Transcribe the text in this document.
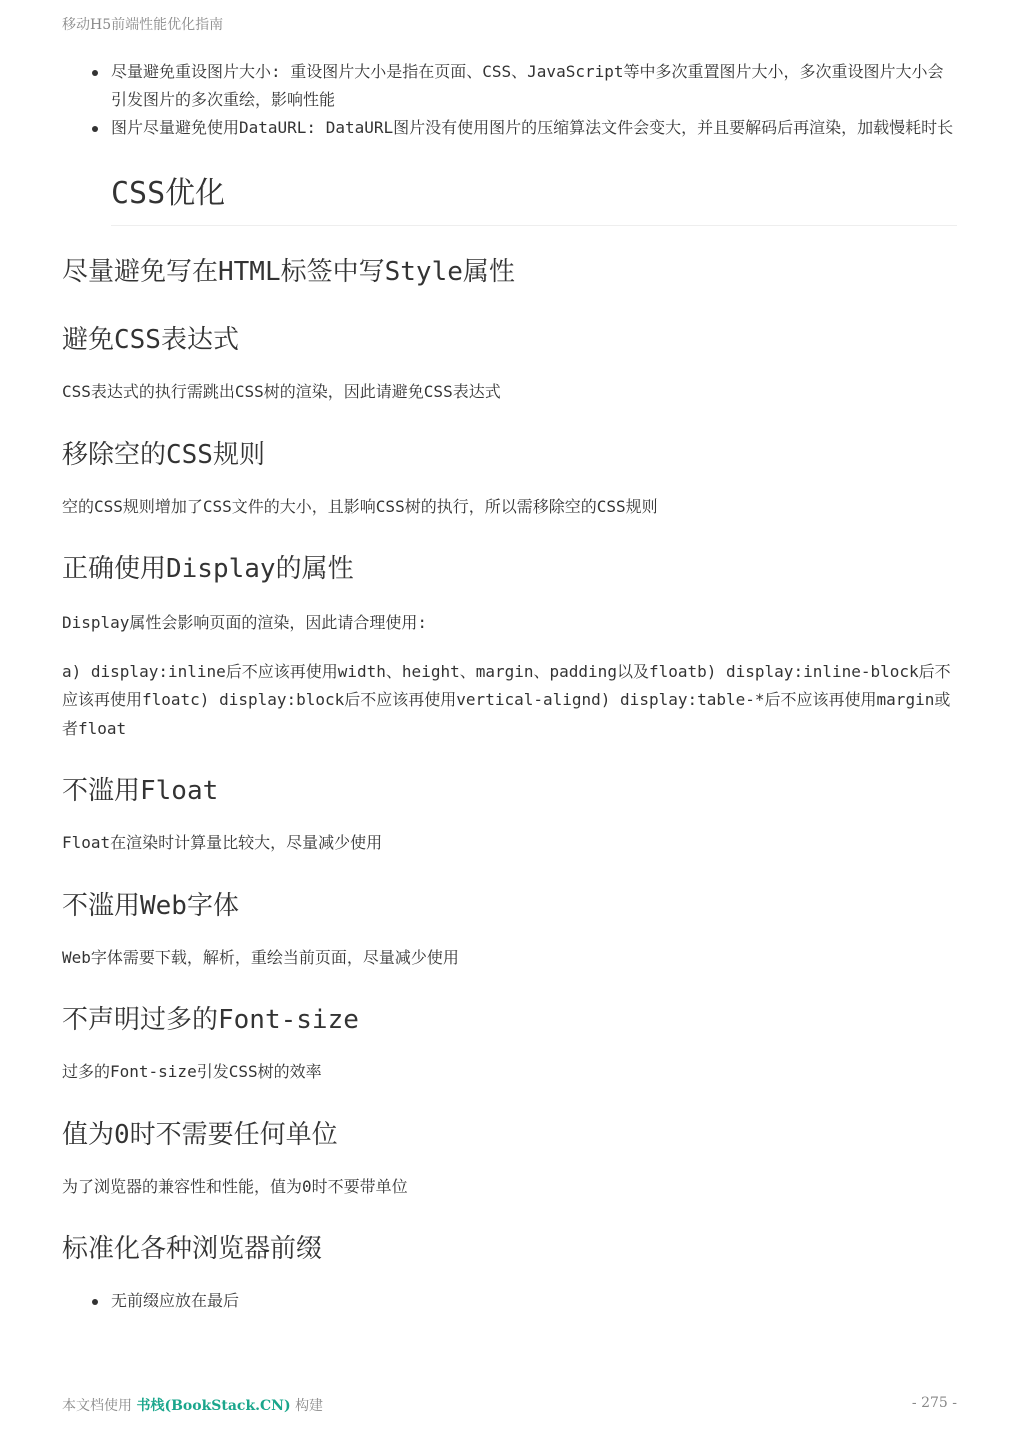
移动H5前端性能优化指南
尽量避免重设图片大小: 重设图片大小是指在页面、CSS、JavaScript等中多次重置图片大小，多次重设图片大小会引发图片的多次重绘，影响性能
图片尽量避免使用DataURL: DataURL图片没有使用图片的压缩算法文件会变大，并且要解码后再渲染，加载慢耗时长
CSS优化
尽量避免写在HTML标签中写Style属性
避免CSS表达式

CSS表达式的执行需跳出CSS树的渲染，因此请避免CSS表达式

移除空的CSS规则

空的CSS规则增加了CSS文件的大小，且影响CSS树的执行，所以需移除空的CSS规则

正确使用Display的属性

Display属性会影响页面的渲染，因此请合理使用:

a) display:inline后不应该再使用width、height、margin、padding以及floatb) display:inline-block后不应该再使用floatc) display:block后不应该再使用vertical-alignd) display:table-*后不应该再使用margin或者float

不滥用Float

Float在渲染时计算量比较大，尽量减少使用

不滥用Web字体

Web字体需要下载，解析，重绘当前页面，尽量减少使用

不声明过多的Font-size

过多的Font-size引发CSS树的效率

值为0时不需要任何单位

为了浏览器的兼容性和性能，值为0时不要带单位

标准化各种浏览器前缀
无前缀应放在最后
本文档使用 书栈(BookStack.CN) 构建	- 275 -
